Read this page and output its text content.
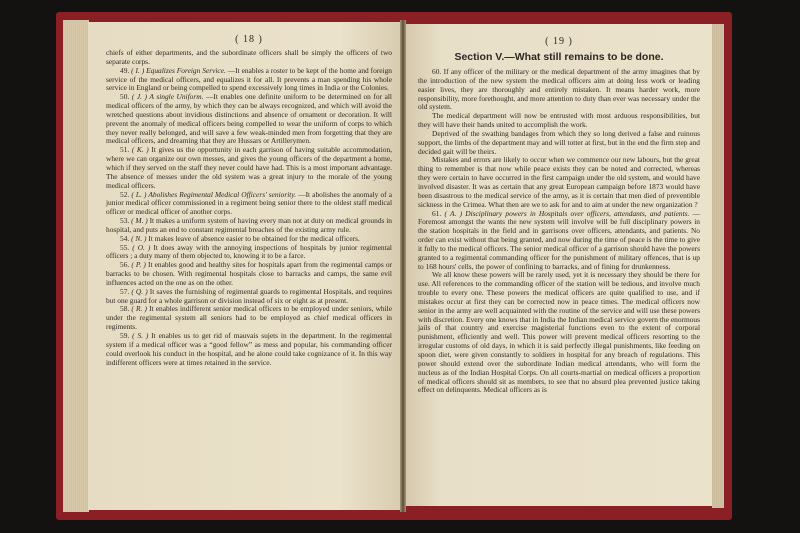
( 18 )

chiefs of either departments, and the subordinate officers shall be simply the officers of two separate corps.

49. ( I. ) Equalizes Foreign Service. —It enables a roster to be kept of the home and foreign service of the medical officers, and equalizes it for all. It prevents a man spending his whole service in England or being compelled to spend excessively long times in India or the Colonies.

50. ( J. ) A single Uniform. —It enables one definite uniform to be determined on for all medical officers of the army, by which they can be always recognized, and which will avoid the wretched questions about invidious distinctions and absence of ornament or decoration. It will prevent the anomaly of medical officers being compelled to wear the uniform of corps to which they never really belonged, and will save a few weak-minded men from forgetting that they are medical officers, and dreaming that they are Hussars or Artillerymen.

51. ( K. ) It gives us the opportunity in each garrison of having suitable accommodation, where we can organize our own messes, and gives the young officers of the department a home, which if they served on the staff they never could have had. This is a most important advantage. The absence of messes under the old system was a great injury to the morale of the young medical officers.

52. ( L. ) Abolishes Regimental Medical Officers' seniority. —It abolishes the anomaly of a junior medical officer commissioned in a regiment being senior there to the oldest staff medical officer or medical officer of another corps.

53. ( M. ) It makes a uniform system of having every man not at duty on medical grounds in hospital, and puts an end to constant regimental breaches of the existing army rule.

54. ( N. ) It makes leave of absence easier to be obtained for the medical officers.

55. ( O. ) It does away with the annoying inspections of hospitals by junior regimental officers ; a duty many of them objected to, knowing it to be a farce.

56. ( P. ) It enables good and healthy sites for hospitals apart from the regimental camps or barracks to be chosen. With regimental hospitals close to barracks and camps, the same evil influences acted on the one as on the other.

57. ( Q. ) It saves the furnishing of regimental guards to regimental Hospitals, and requires but one guard for a whole garrison or division instead of six or eight as at present.

58. ( R. ) It enables indifferent senior medical officers to be employed under seniors, while under the regimental system all seniors had to be employed as chief medical officers in regiments.

59. ( S. ) It enables us to get rid of mauvais sujets in the department. In the regimental system if a medical officer was a “good fellow” as mess and popular, his commanding officer could overlook his conduct in the hospital, and he alone could take cognizance of it. In this way indifferent officers were at times retained in the service.

( 19 )
Section V.—What still remains to be done.

60. If any officer of the military or the medical department of the army imagines that by the introduction of the new system the medical officers aim at doing less work or leading easier lives, they are thoroughly and entirely mistaken. It means harder work, more responsibility, more forethought, and more attention to duty than ever was necessary under the old system.

The medical department will now be entrusted with most arduous responsibilities, but they will have their hands united to accomplish the work.

Deprived of the swathing bandages from which they so long derived a false and ruinous support, the limbs of the department may and will totter at first, but in the end the firm step and decided gait will be theirs.

Mistakes and errors are likely to occur when we commence our new labours, but the great thing to remember is that now while peace exists they can be noted and corrected, whereas they were certain to have occurred in the first campaign under the old system, and would have involved disaster. It was as certain that any great European campaign before 1873 would have been disastrous to the medical service of the army, as it is certain that men died of preventible sickness in the Crimea. What then are we to ask for and to aim at under the new organization ?

61. ( A. ) Disciplinary powers in Hospitals over officers, attendants, and patients. —Foremost amongst the wants the new system will involve will be full disciplinary powers in the station hospitals in the field and in garrisons over officers, attendants, and patients. No order can exist without that being granted, and now during the time of peace is the time to give it fully to the medical officers. The senior medical officer of a garrison should have the powers granted to a regimental commanding officer for the punishment of military offences, that is up to 168 hours' cells, the power of confining to barracks, and of fining for drunkenness.

We all know these powers will be rarely used, yet it is necessary they should be there for use. All references to the commanding officer of the station will be tedious, and involve much trouble to every one. These powers the medical officers are quite qualified to use, and if mistakes occur at first they can be corrected now in peace times. The medical officers now senior in the army are well acquainted with the routine of the service and will use these powers with discretion. Every one knows that in India the Indian medical service govern the enormous jails of that country and exercise magisterial functions even to the extent of corporal punishment, efficiently and well. This power will prevent medical officers resorting to the irregular customs of old days, in which it is said perfectly illegal punishments, like feeding on spoon diet, were given constantly to soldiers in hospital for any breach of regulations. This power should extend over the subordinate Indian medical attendants, who will form the nucleus as of the Indian Hospital Corps. On all courts-martial on medical officers a proportion of medical officers should sit as members, to see that no absurd plea prevented justice taking effect on delinquents. Medical officers as is
